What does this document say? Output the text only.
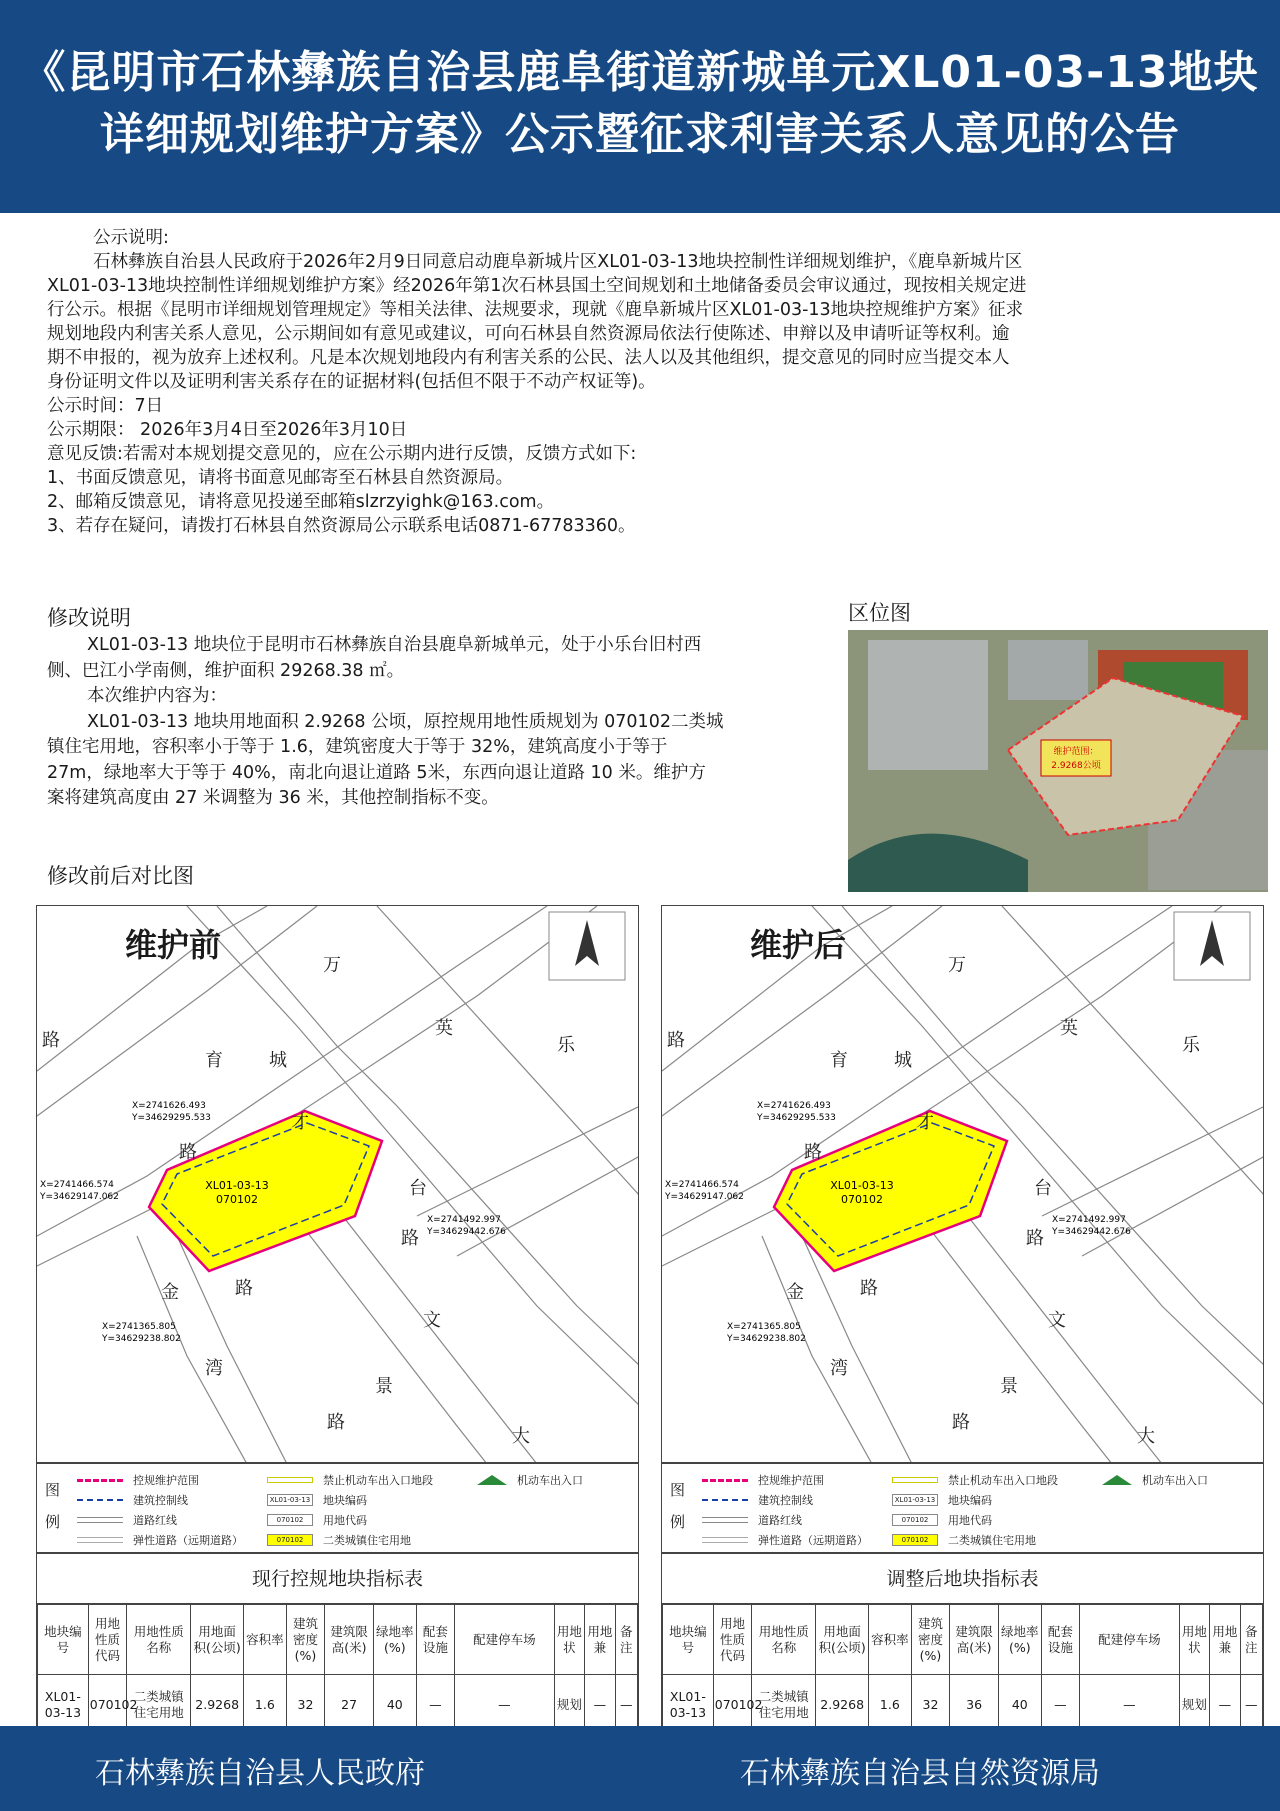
《昆明市石林彝族自治县鹿阜街道新城单元XL01-03-13地块
详细规划维护方案》公示暨征求利害关系人意见的公告
公示说明:
石林彝族自治县人民政府于2026年2月9日同意启动鹿阜新城片区XL01-03-13地块控制性详细规划维护，《鹿阜新城片区
XL01-03-13地块控制性详细规划维护方案》经2026年第1次石林县国土空间规划和土地储备委员会审议通过，现按相关规定进
行公示。根据《昆明市详细规划管理规定》等相关法律、法规要求，现就《鹿阜新城片区XL01-03-13地块控规维护方案》征求
规划地段内利害关系人意见，公示期间如有意见或建议，可向石林县自然资源局依法行使陈述、申辩以及申请听证等权利。逾
期不申报的，视为放弃上述权利。凡是本次规划地段内有利害关系的公民、法人以及其他组织，提交意见的同时应当提交本人
身份证明文件以及证明利害关系存在的证据材料(包括但不限于不动产权证等)。
公示时间：7日
公示期限： 2026年3月4日至2026年3月10日
意见反馈:若需对本规划提交意见的，应在公示期内进行反馈，反馈方式如下:
1、书面反馈意见，请将书面意见邮寄至石林县自然资源局。
2、邮箱反馈意见，请将意见投递至邮箱slzrzyighk@163.com。
3、若存在疑问，请拨打石林县自然资源局公示联系电话0871-67783360。
修改说明
XL01-03-13 地块位于昆明市石林彝族自治县鹿阜新城单元，处于小乐台旧村西
侧、巴江小学南侧，维护面积 29268.38 ㎡。
本次维护内容为：
XL01-03-13 地块用地面积 2.9268 公顷，原控规用地性质规划为 070102二类城
镇住宅用地，容积率小于等于 1.6，建筑密度大于等于 32%，建筑高度小于等于
27m，绿地率大于等于 40%，南北向退让道路 5米，东西向退让道路 10 米。维护方
案将建筑高度由 27 米调整为 36 米，其他控制指标不变。
区位图
维护范围：
2.9268公顷
修改前后对比图
XL01-03-13
070102
X=2741626.493
Y=34629295.533
X=2741466.574
Y=34629147.062
X=2741492.997
Y=34629442.676
X=2741365.805
Y=34629238.802
维护前
万
英
乐
路
育	城
才
台
路
路
金	路
文
湾
景
路
大
XL01-03-13
070102
X=2741626.493
Y=34629295.533
X=2741466.574
Y=34629147.062
X=2741492.997
Y=34629442.676
X=2741365.805
Y=34629238.802
维护后
万
英
乐
路
育	城
才
台
路
路
金	路
文
湾
景
路
大
图例
控规维护范围
建筑控制线
道路红线
弹性道路（远期道路）
禁止机动车出入口地段
XL01-03-13 地块编码
070102	用地代码
070102	二类城镇住宅用地
机动车出入口
图例
控规维护范围
建筑控制线
道路红线
弹性道路（远期道路）
禁止机动车出入口地段
XL01-03-13 地块编码
070102	用地代码
070102	二类城镇住宅用地
机动车出入口
现行控规地块指标表
地块编号	用地性质代码	用地性质名称	用地面积(公顷)	容积率	建筑密度(%)	建筑限高(米)	绿地率(%)	配套设施	配建停车场	用地状	用地兼	备注
XL01-03-13	070102	二类城镇住宅用地	2.9268	1.6	32	27	40	—	—	规划	—	—
调整后地块指标表
地块编号	用地性质代码	用地性质名称	用地面积(公顷)	容积率	建筑密度(%)	建筑限高(米)	绿地率(%)	配套设施	配建停车场	用地状	用地兼	备注
XL01-03-13	070102	二类城镇住宅用地	2.9268	1.6	32	36	40	—	—	规划	—	—
石林彝族自治县人民政府	石林彝族自治县自然资源局
